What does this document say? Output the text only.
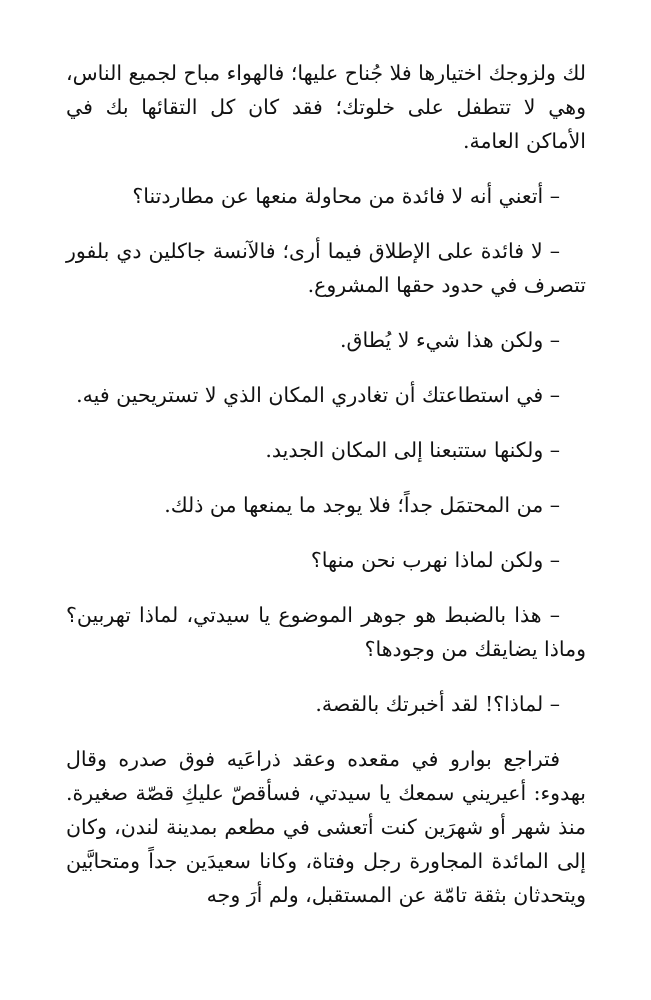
لك ولزوجك اختيارها فلا جُناح عليها؛ فالهواء مباح لجميع الناس، وهي لا تتطفل على خلوتك؛ فقد كان كل التقائها بك في الأماكن العامة.

– أتعني أنه لا فائدة من محاولة منعها عن مطاردتنا؟

– لا فائدة على الإطلاق فيما أرى؛ فالآنسة جاكلين دي بلفور تتصرف في حدود حقها المشروع.

– ولكن هذا شيء لا يُطاق.

– في استطاعتك أن تغادري المكان الذي لا تستريحين فيه.

– ولكنها ستتبعنا إلى المكان الجديد.

– من المحتمَل جداً؛ فلا يوجد ما يمنعها من ذلك.

– ولكن لماذا نهرب نحن منها؟

– هذا بالضبط هو جوهر الموضوع يا سيدتي، لماذا تهربين؟ وماذا يضايقك من وجودها؟

– لماذا؟! لقد أخبرتك بالقصة.

فتراجع بوارو في مقعده وعقد ذراعَيه فوق صدره وقال بهدوء: أعيريني سمعك يا سيدتي، فسأقصّ عليكِ قصّة صغيرة. منذ شهر أو شهرَين كنت أتعشى في مطعم بمدينة لندن، وكان إلى المائدة المجاورة رجل وفتاة، وكانا سعيدَين جداً ومتحابَّين ويتحدثان بثقة تامّة عن المستقبل، ولم أرَ وجه
